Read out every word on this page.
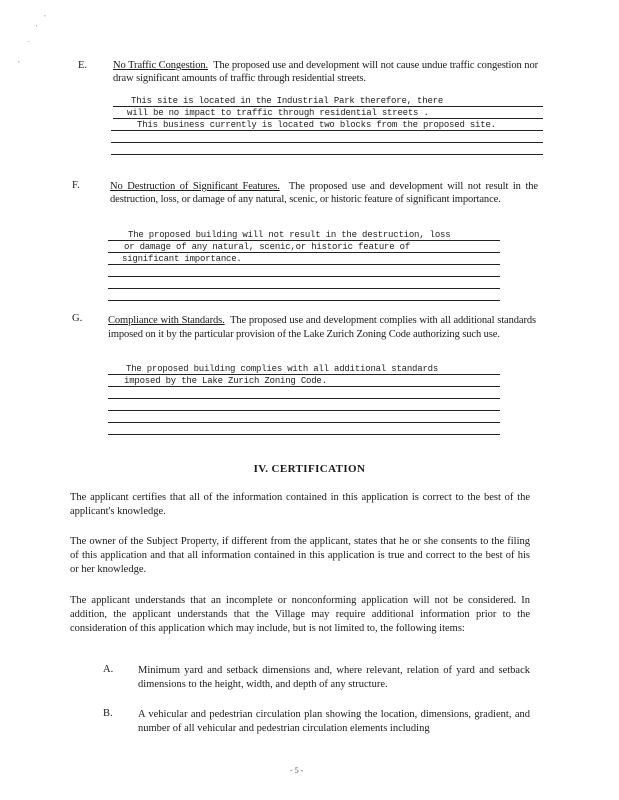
,
'
.
,	E. No Traffic Congestion. The proposed use and development will not cause undue traffic congestion nor draw significant amounts of traffic through residential streets.
This site is located in the Industrial Park therefore, there
will be no impact to traffic through residential streets .
This business currently is located two blocks from the proposed site.
F.	No Destruction of Significant Features. The proposed use and development will not result in the destruction, loss, or damage of any natural, scenic, or historic feature of significant importance.
The proposed building will not result in the destruction, loss
or damage of any natural, scenic,or historic feature of
significant importance.
G. Compliance with Standards. The proposed use and development complies with all additional standards imposed on it by the particular provision of the Lake Zurich Zoning Code authorizing such use.
The proposed building complies with all additional standards
imposed by the Lake Zurich Zoning Code.
IV. CERTIFICATION
The applicant certifies that all of the information contained in this application is correct to the best of the applicant's knowledge.
The owner of the Subject Property, if different from the applicant, states that he or she consents to the filing of this application and that all information contained in this application is true and correct to the best of his or her knowledge.
The applicant understands that an incomplete or nonconforming application will not be considered. In addition, the applicant understands that the Village may require additional information prior to the consideration of this application which may include, but is not limited to, the following items:
A. Minimum yard and setback dimensions and, where relevant, relation of yard and setback dimensions to the height, width, and depth of any structure.
B. A vehicular and pedestrian circulation plan showing the location, dimensions, gradient, and number of all vehicular and pedestrian circulation elements including
- 5 -
